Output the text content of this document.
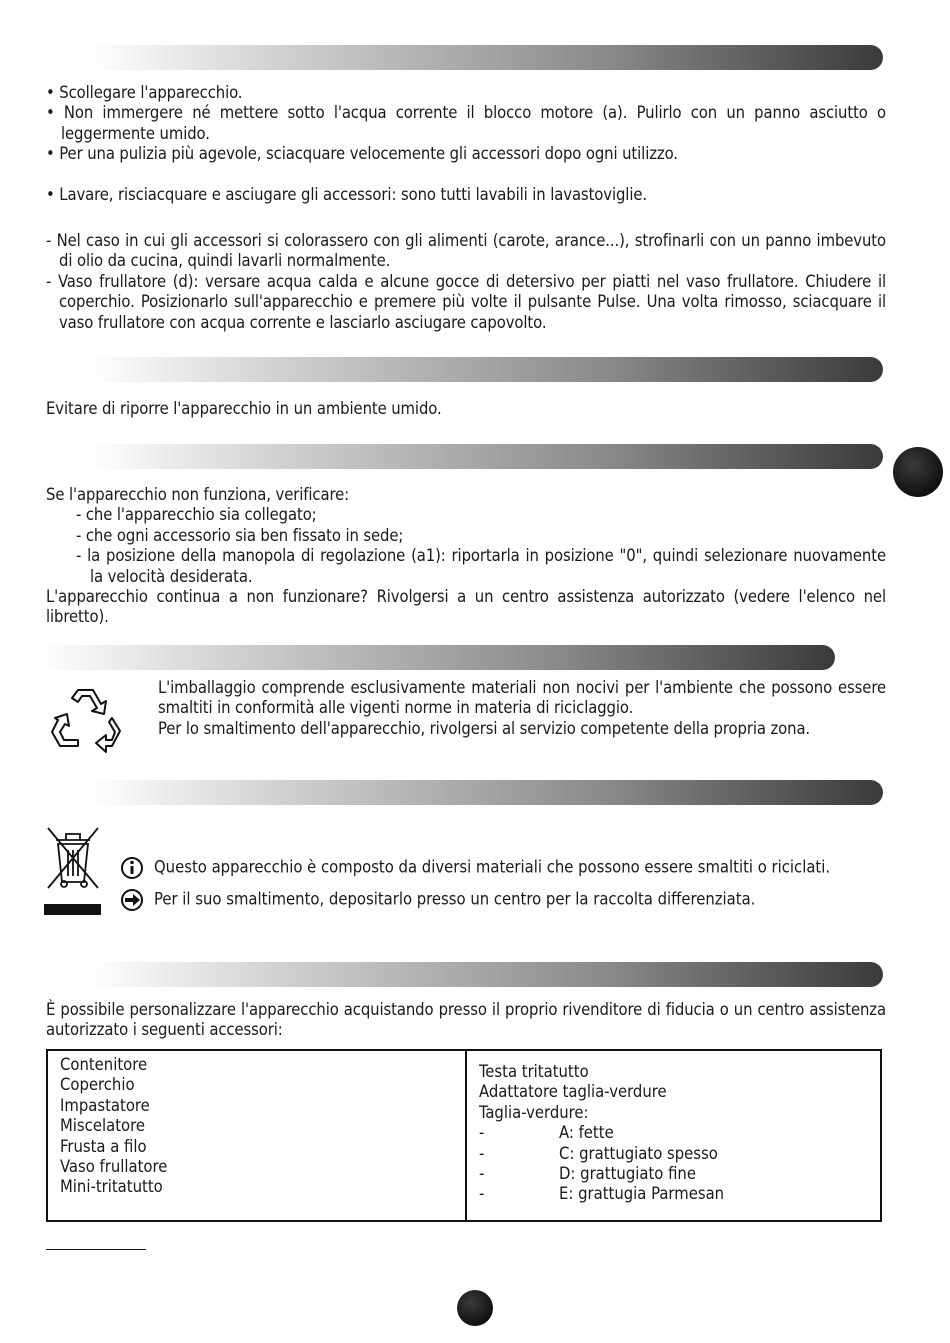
• Scollegare l'apparecchio.

• Non immergere né mettere sotto l'acqua corrente il blocco motore (a). Pulirlo con un panno asciutto o leggermente umido.

• Per una pulizia più agevole, sciacquare velocemente gli accessori dopo ogni utilizzo.

• Lavare, risciacquare e asciugare gli accessori: sono tutti lavabili in lavastoviglie.

- Nel caso in cui gli accessori si colorassero con gli alimenti (carote, arance...), strofinarli con un panno imbevuto di olio da cucina, quindi lavarli normalmente.

- Vaso frullatore (d): versare acqua calda e alcune gocce di detersivo per piatti nel vaso frullatore. Chiudere il coperchio. Posizionarlo sull'apparecchio e premere più volte il pulsante Pulse. Una volta rimosso, sciacquare il vaso frullatore con acqua corrente e lasciarlo asciugare capovolto.

Evitare di riporre l'apparecchio in un ambiente umido.

Se l'apparecchio non funziona, verificare:

- che l'apparecchio sia collegato;

- che ogni accessorio sia ben fissato in sede;

- la posizione della manopola di regolazione (a1): riportarla in posizione "0", quindi selezionare nuovamente la velocità desiderata.

L'apparecchio continua a non funzionare? Rivolgersi a un centro assistenza autorizzato (vedere l'elenco nel libretto).

L'imballaggio comprende esclusivamente materiali non nocivi per l'ambiente che possono essere smaltiti in conformità alle vigenti norme in materia di riciclaggio.

Per lo smaltimento dell'apparecchio, rivolgersi al servizio competente della propria zona.

Questo apparecchio è composto da diversi materiali che possono essere smaltiti o riciclati.
Per il suo smaltimento, depositarlo presso un centro per la raccolta differenziata.

È possibile personalizzare l'apparecchio acquistando presso il proprio rivenditore di fiducia o un centro assistenza autorizzato i seguenti accessori:

Contenitore
Coperchio
Impastatore
Miscelatore
Frusta a filo
Vaso frullatore
Mini-tritatutto

Testa tritatutto
Adattatore taglia-verdure
Taglia-verdure:
-	A: fette
-	C: grattugiato spesso
-	D: grattugiato fine
-	E: grattugia Parmesan
